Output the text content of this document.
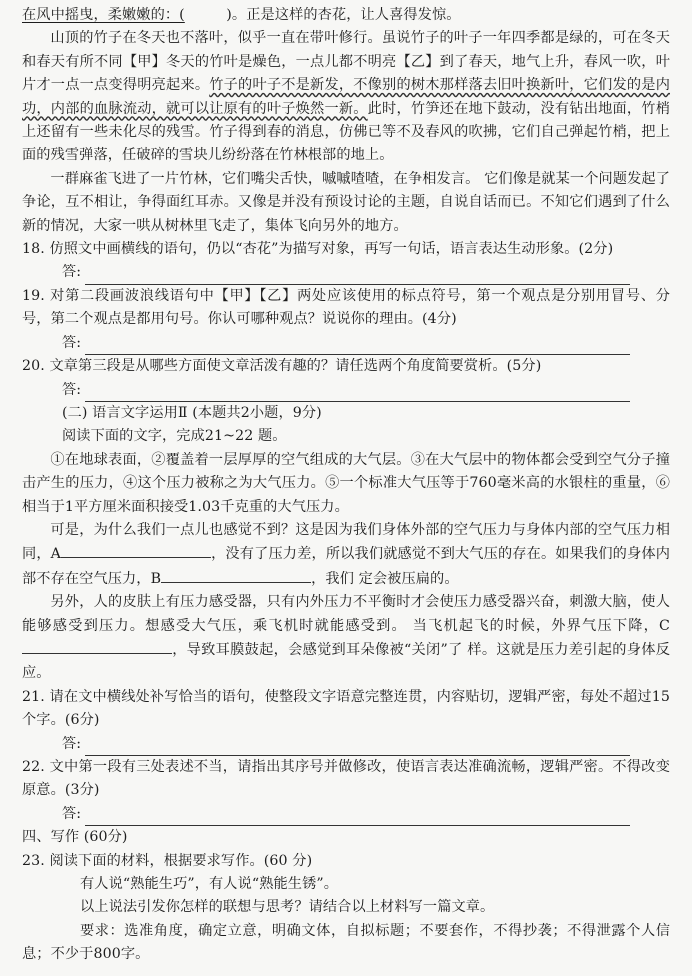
在风中摇曳，柔嫩嫩的：(         )。正是这样的杏花，让人喜得发惊。

山顶的竹子在冬天也不落叶，似乎一直在带叶修行。虽说竹子的叶子一年四季都是绿的，可在冬天和春天有所不同【甲】冬天的竹叶是燥色，一点儿都不明亮【乙】到了春天，地气上升，春风一吹，叶片才一点一点变得明亮起来。竹子的叶子不是新发，不像别的树木那样落去旧叶换新叶，它们发的是内功，内部的血脉流动，就可以让原有的叶子焕然一新。此时，竹笋还在地下鼓动，没有钻出地面，竹梢上还留有一些未化尽的残雪。竹子得到春的消息，仿佛已等不及春风的吹拂，它们自己弹起竹梢，把上面的残雪弹落，任破碎的雪块儿纷纷落在竹林根部的地上。

一群麻雀飞进了一片竹林，它们嘴尖舌快，嘁嘁喳喳，在争相发言。 它们像是就某一个问题发起了争论，互不相让，争得面红耳赤。又像是并没有预设讨论的主题，自说自话而已。不知它们遇到了什么新的情况，大家一哄从树林里飞走了，集体飞向另外的地方。

18. 仿照文中画横线的语句，仍以“杏花”为描写对象，再写一句话，语言表达生动形象。(2分)

答:

19. 对第二段画波浪线语句中【甲】【乙】两处应该使用的标点符号，第一个观点是分别用冒号、分号，第二个观点是都用句号。你认可哪种观点？说说你的理由。(4分)

答:

20. 文章第三段是从哪些方面使文章活泼有趣的？请任选两个角度简要赏析。(5分)

答:

(二) 语言文字运用Ⅱ (本题共2小题，9分)

阅读下面的文字，完成21~22 题。

①在地球表面，②覆盖着一层厚厚的空气组成的大气层。③在大气层中的物体都会受到空气分子撞击产生的压力，④这个压力被称之为大气压力。⑤一个标准大气压等于760毫米高的水银柱的重量，⑥相当于1平方厘米面积接受1.03千克重的大气压力。

可是，为什么我们一点儿也感觉不到？这是因为我们身体外部的空气压力与身体内部的空气压力相同，A	，没有了压力差，所以我们就感觉不到大气压的存在。如果我们的身体内部不存在空气压力，B	，我们 定会被压扁的。

另外，人的皮肤上有压力感受器，只有内外压力不平衡时才会使压力感受器兴奋，刺激大脑，使人能够感受到压力。想感受大气压，乘飞机时就能感受到。 当飞机起飞的时候，外界气压下降，C，导致耳膜鼓起，会感觉到耳朵像被“关闭”了 样。这就是压力差引起的身体反应。

21. 请在文中横线处补写恰当的语句，使整段文字语意完整连贯，内容贴切，逻辑严密，每处不超过15个字。(6分)

答:

22. 文中第一段有三处表述不当，请指出其序号并做修改，使语言表达准确流畅，逻辑严密。不得改变原意。(3分)

答:

四、写作 (60分)

23. 阅读下面的材料，根据要求写作。(60 分)

有人说“熟能生巧”，有人说“熟能生锈”。

以上说法引发你怎样的联想与思考？请结合以上材料写一篇文章。

要求：选准角度，确定立意，明确文体，自拟标题；不要套作，不得抄袭；不得泄露个人信息；不少于800字。
